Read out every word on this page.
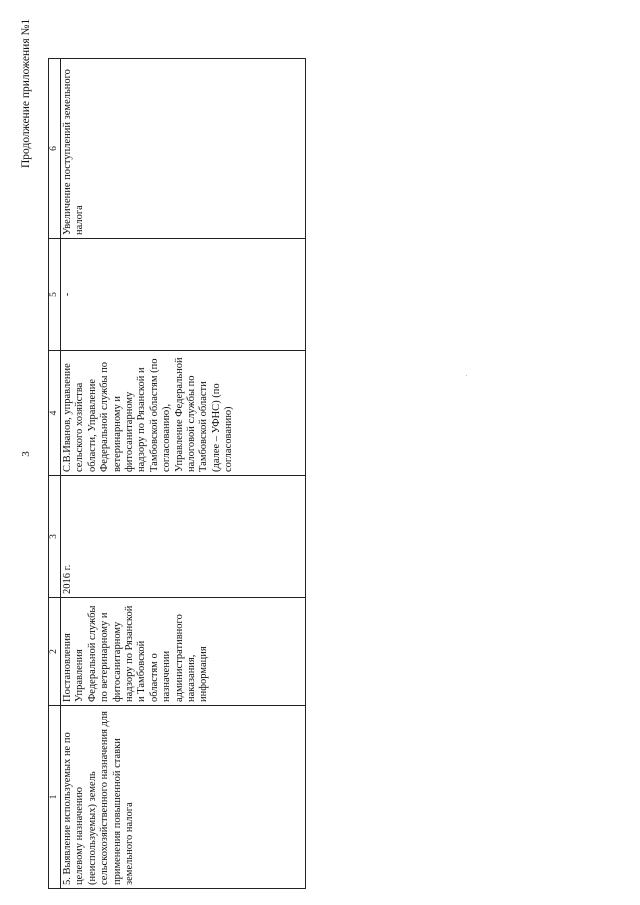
Продолжение приложения №1
3
1	2	3	4	5	6
5. Выявление используемых не по целевому назначению (неиспользуемых) земель сельскохозяйственного назначения для применения повышенной ставки земельного налога	Постановления Управления Федеральной службы по ветеринарному и фитосанитарному надзору по Рязанской и Тамбовской областям о назначении административного наказания, информация	2016 г.	С.В.Иванов, управление сельского хозяйства области, Управление Федеральной службы по ветеринарному и фитосанитарному надзору по Рязанской и Тамбовской областям (по согласованию), Управление Федеральной налоговой службы по Тамбовской области (далее – УФНС) (по согласованию)	-	Увеличение поступлений земельного налога
